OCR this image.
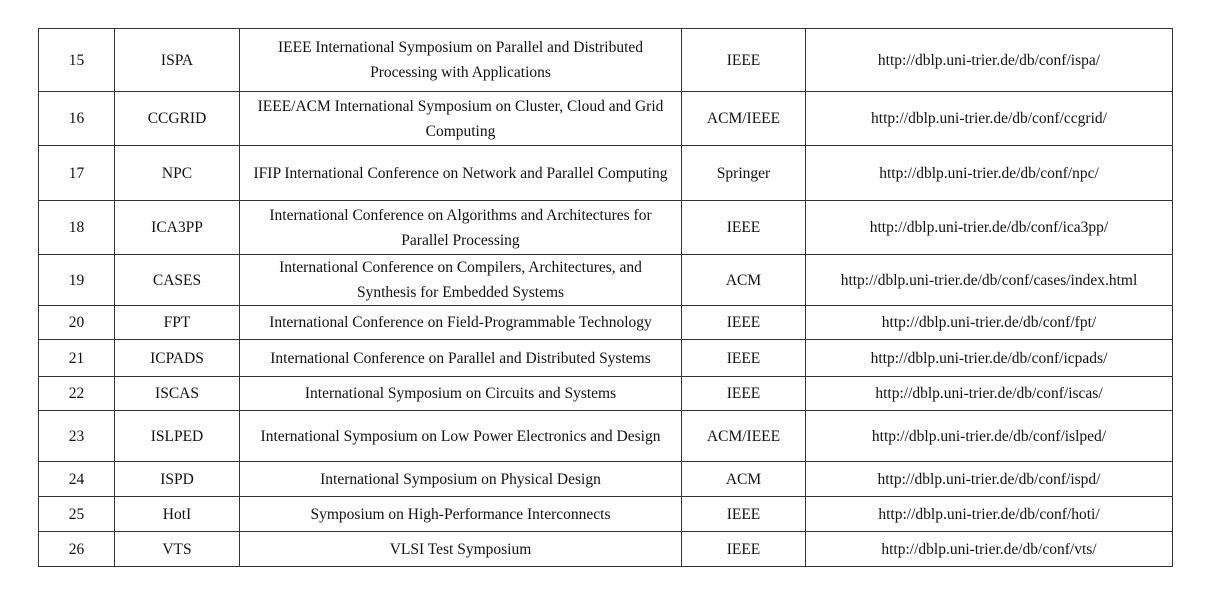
15	ISPA	IEEE International Symposium on Parallel and Distributed Processing with Applications	IEEE	http://dblp.uni-trier.de/db/conf/ispa/
16	CCGRID	IEEE/ACM International Symposium on Cluster, Cloud and Grid Computing	ACM/IEEE	http://dblp.uni-trier.de/db/conf/ccgrid/
17	NPC	IFIP International Conference on Network and Parallel Computing	Springer	http://dblp.uni-trier.de/db/conf/npc/
18	ICA3PP	International Conference on Algorithms and Architectures for Parallel Processing	IEEE	http://dblp.uni-trier.de/db/conf/ica3pp/
19	CASES	International Conference on Compilers, Architectures, and Synthesis for Embedded Systems	ACM	http://dblp.uni-trier.de/db/conf/cases/index.html
20	FPT	International Conference on Field-Programmable Technology	IEEE	http://dblp.uni-trier.de/db/conf/fpt/
21	ICPADS	International Conference on Parallel and Distributed Systems	IEEE	http://dblp.uni-trier.de/db/conf/icpads/
22	ISCAS	International Symposium on Circuits and Systems	IEEE	http://dblp.uni-trier.de/db/conf/iscas/
23	ISLPED	International Symposium on Low Power Electronics and Design	ACM/IEEE	http://dblp.uni-trier.de/db/conf/islped/
24	ISPD	International Symposium on Physical Design	ACM	http://dblp.uni-trier.de/db/conf/ispd/
25	HotI	Symposium on High-Performance Interconnects	IEEE	http://dblp.uni-trier.de/db/conf/hoti/
26	VTS	VLSI Test Symposium	IEEE	http://dblp.uni-trier.de/db/conf/vts/
